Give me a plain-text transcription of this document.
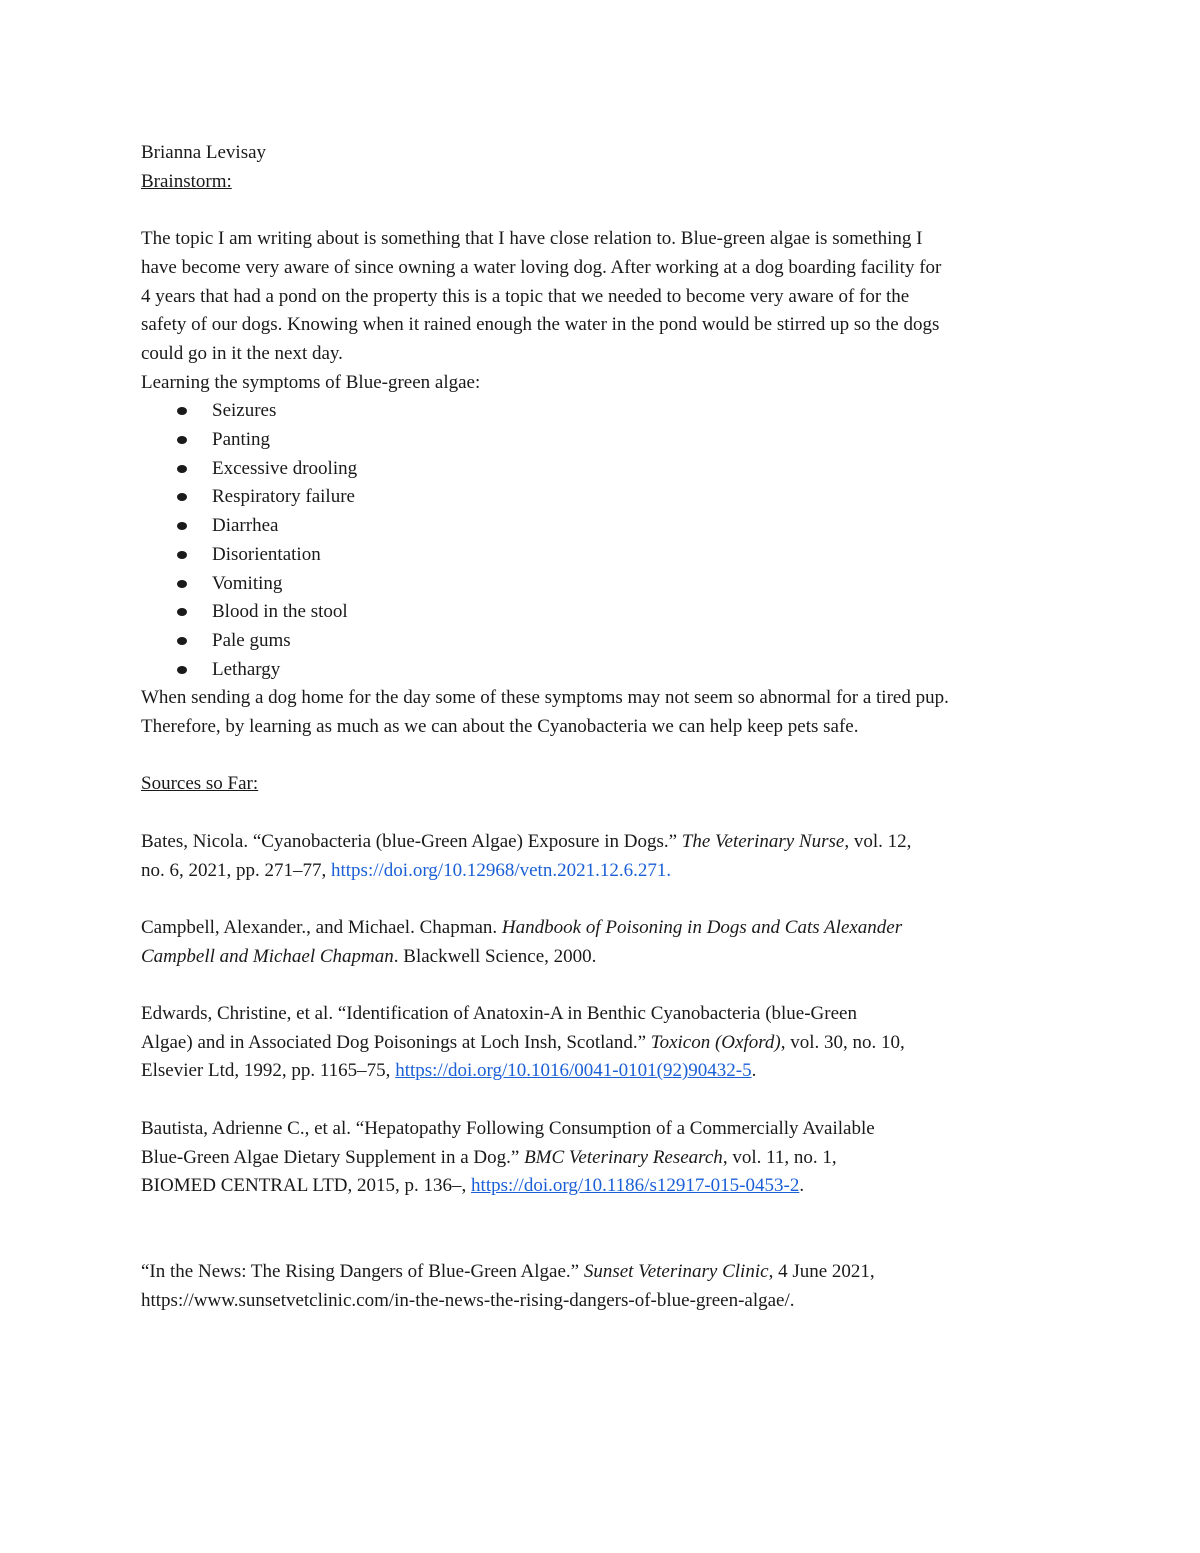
Brianna Levisay
Brainstorm:
The topic I am writing about is something that I have close relation to. Blue-green algae is something I
have become very aware of since owning a water loving dog. After working at a dog boarding facility for
4 years that had a pond on the property this is a topic that we needed to become very aware of for the
safety of our dogs. Knowing when it rained enough the water in the pond would be stirred up so the dogs
could go in it the next day.
Learning the symptoms of Blue-green algae:
Seizures
Panting
Excessive drooling
Respiratory failure
Diarrhea
Disorientation
Vomiting
Blood in the stool
Pale gums
Lethargy
When sending a dog home for the day some of these symptoms may not seem so abnormal for a tired pup.
Therefore, by learning as much as we can about the Cyanobacteria we can help keep pets safe.
Sources so Far:
Bates, Nicola. “Cyanobacteria (blue-Green Algae) Exposure in Dogs.” The Veterinary Nurse, vol. 12,
no. 6, 2021, pp. 271–77, https://doi.org/10.12968/vetn.2021.12.6.271.
Campbell, Alexander., and Michael. Chapman. Handbook of Poisoning in Dogs and Cats Alexander
Campbell and Michael Chapman. Blackwell Science, 2000.
Edwards, Christine, et al. “Identification of Anatoxin-A in Benthic Cyanobacteria (blue-Green
Algae) and in Associated Dog Poisonings at Loch Insh, Scotland.” Toxicon (Oxford), vol. 30, no. 10,
Elsevier Ltd, 1992, pp. 1165–75, https://doi.org/10.1016/0041-0101(92)90432-5.
Bautista, Adrienne C., et al. “Hepatopathy Following Consumption of a Commercially Available
Blue-Green Algae Dietary Supplement in a Dog.” BMC Veterinary Research, vol. 11, no. 1,
BIOMED CENTRAL LTD, 2015, p. 136–, https://doi.org/10.1186/s12917-015-0453-2.
“In the News: The Rising Dangers of Blue-Green Algae.” Sunset Veterinary Clinic, 4 June 2021,
https://www.sunsetvetclinic.com/in-the-news-the-rising-dangers-of-blue-green-algae/.
